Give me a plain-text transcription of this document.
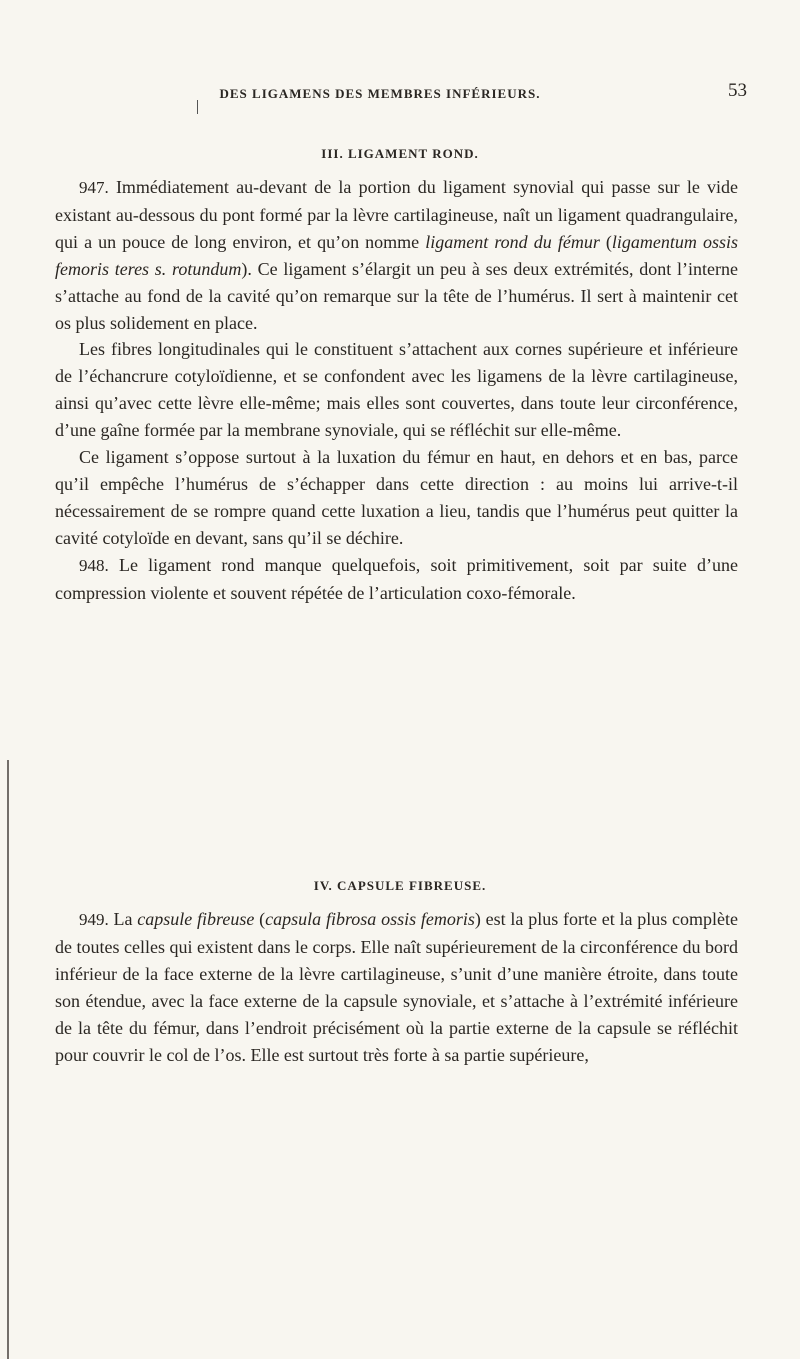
DES LIGAMENS DES MEMBRES INFÉRIEURS.	53
III. LIGAMENT ROND.

947. Immédiatement au-devant de la portion du ligament synovial qui passe sur le vide existant au-dessous du pont formé par la lèvre cartilagineuse, naît un ligament quadrangulaire, qui a un pouce de long environ, et qu’on nomme ligament rond du fémur (ligamentum ossis femoris teres s. rotundum). Ce ligament s’élargit un peu à ses deux extrémités, dont l’interne s’attache au fond de la cavité qu’on remarque sur la tête de l’humérus. Il sert à maintenir cet os plus solidement en place.

Les fibres longitudinales qui le constituent s’attachent aux cornes supérieure et inférieure de l’échancrure cotyloïdienne, et se confondent avec les ligamens de la lèvre cartilagineuse, ainsi qu’avec cette lèvre elle-même; mais elles sont couvertes, dans toute leur circonférence, d’une gaîne formée par la membrane synoviale, qui se réfléchit sur elle-même.

Ce ligament s’oppose surtout à la luxation du fémur en haut, en dehors et en bas, parce qu’il empêche l’humérus de s’échapper dans cette direction : au moins lui arrive-t-il nécessairement de se rompre quand cette luxation a lieu, tandis que l’humérus peut quitter la cavité cotyloïde en devant, sans qu’il se déchire.

948. Le ligament rond manque quelquefois, soit primitivement, soit par suite d’une compression violente et souvent répétée de l’articulation coxo-fémorale.

IV. CAPSULE FIBREUSE.

949. La capsule fibreuse (capsula fibrosa ossis femoris) est la plus forte et la plus complète de toutes celles qui existent dans le corps. Elle naît supérieurement de la circonférence du bord inférieur de la face externe de la lèvre cartilagineuse, s’unit d’une manière étroite, dans toute son étendue, avec la face externe de la capsule synoviale, et s’attache à l’extrémité inférieure de la tête du fémur, dans l’endroit précisément où la partie externe de la capsule se réfléchit pour couvrir le col de l’os. Elle est surtout très forte à sa partie supérieure,
